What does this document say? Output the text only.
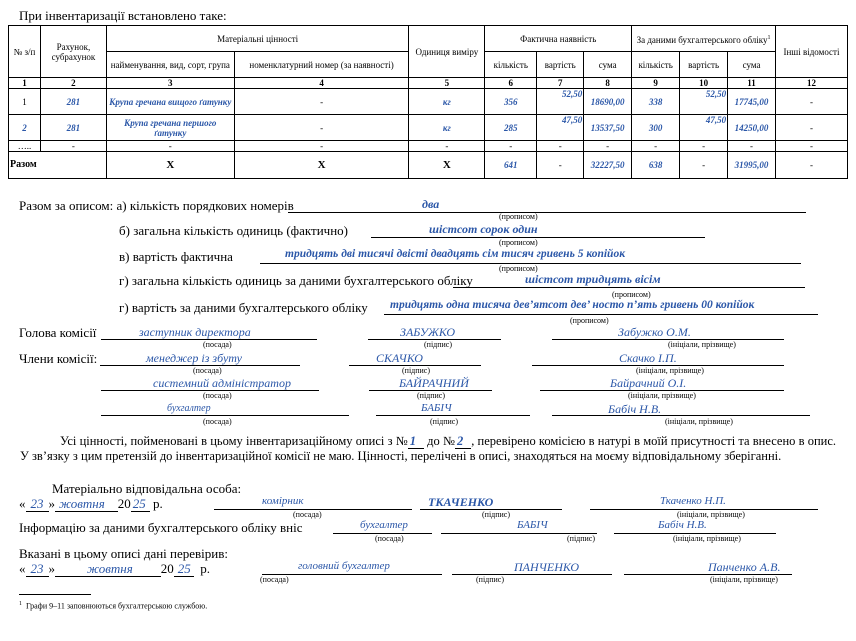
При інвентаризації встановлено таке:
№ з/п	Рахунок, субрахунок	Матеріальні цінності		Одиниця виміру	Фактична наявність			За даними бухгалтерського обліку$^1$			Інші відомості
		найменування, вид, сорт, група	номенклатурний номер (за наявності)		кількість	вартість	сума	кількість	вартість	сума	
1	2	3	4	5	6	7	8	9	10	11	12
1	281	Крупа гречана вищого ґатунку	-	кг	356	52,50	18690,00	338	52,50	17745,00	-
2	281	Крупа гречана першого ґатунку	-	кг	285	47,50	13537,50	300	47,50	14250,00	-
…..	-	-	-	-	-	-	-	-	-	-	-
Разом		Х	Х	Х	641	-	32227,50	638	-	31995,00	-
Разом за описом: а) кількість порядкових номерів	два
(прописом)
б) загальна кількість одиниць (фактично)	шістсот сорок один
(прописом)
в) вартість фактична	тридцять дві тисячі двісті двадцять сім тисяч гривень 5 копійок
(прописом)
г) загальна кількість одиниць за даними бухгалтерського обліку	шістсот тридцять вісім
(прописом)
г) вартість за даними бухгалтерського обліку тридцять одна тисяча дев’ятсот дев’ носто п’ять гривень 00 копійок
(прописом)
Голова комісії	заступник директора	ЗАБУЖКО	Забужко О.М.
(посада)	(підпис)	(ініціали, прізвище)
Члени комісії:	менеджер із збуту	СКАЧКО	Скачко І.П.
(посада)	(підпис)	(ініціали, прізвище)
системний адміністратор	БАЙРАЧНИЙ	Байрачний О.І.
(посада)	(підпис)	(ініціали, прізвище)
бухгалтер	БАБІЧ	Бабіч Н.В.
(посада)	(підпис)	(ініціали, прізвище)
Усі цінності, пойменовані в цьому інвентаризаційному описі з № 1 до № 2 , перевірено комісією в натурі в моїй присутності та внесено в опис. У зв’язку з цим претензій до інвентаризаційної комісії не маю. Цінності, перелічені в описі, знаходяться на моєму відповідальному зберіганні.
Матеріально відповідальна особа:
« 23 » жовтня 20 25 р.	комірник	ТКАЧЕНКО	Ткаченко Н.П.
(посада)	(підпис)	(ініціали, прізвище)
Інформацію за даними бухгалтерського обліку вніс	бухгалтер	БАБІЧ	Бабіч Н.В.
(посада)	(підпис)	(ініціали, прізвище)
Вказані в цьому описі дані перевірив:
« 23 » жовтня 20 25 р.	головний бухгалтер	ПАНЧЕНКО	Панченко А.В.
(посада)	(підпис)	(ініціали, прізвище)
$^1$ Графи 9–11 заповнюються бухгалтерською службою.
